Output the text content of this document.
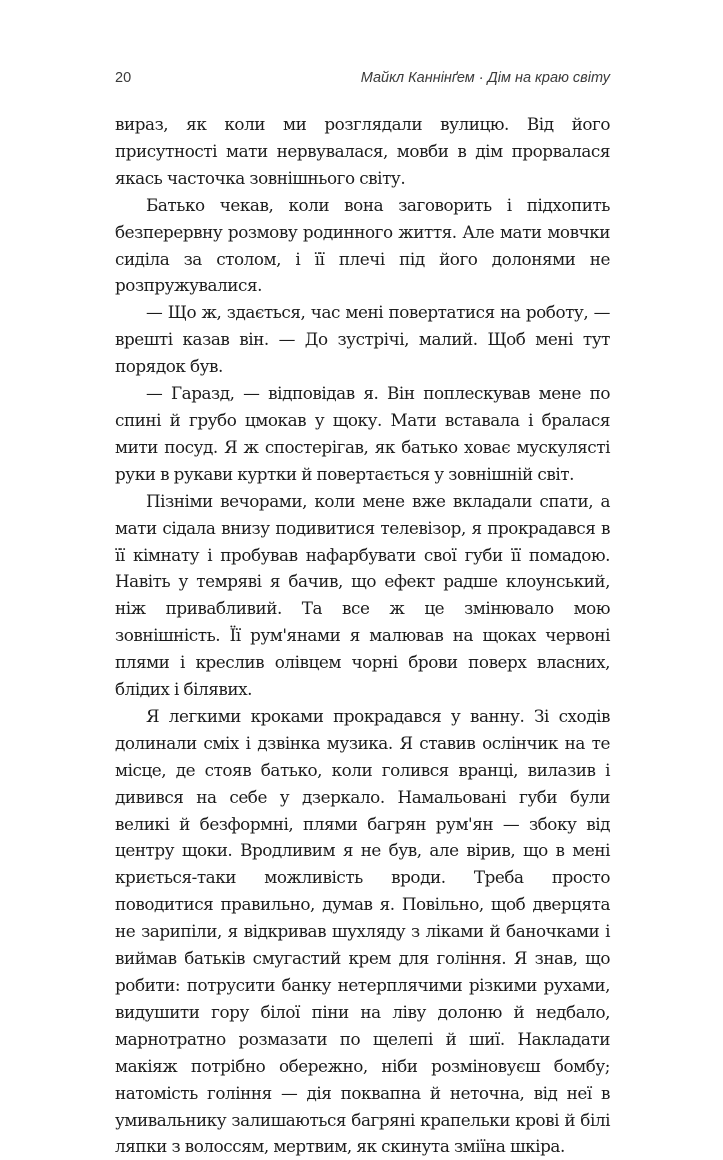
20	Майкл Каннінґем · Дім на краю світу

вираз, як коли ми розглядали вулицю. Від його присутності мати нервувалася, мовби в дім прорвалася якась часточка зовнішнього світу.

Батько чекав, коли вона заговорить і підхопить безперервну розмову родинного життя. Але мати мовчки сиділа за столом, і її плечі під його долонями не розпружувалися.

— Що ж, здається, час мені повертатися на роботу, — врешті казав він. — До зустрічі, малий. Щоб мені тут порядок був.

— Гаразд, — відповідав я. Він поплескував мене по спині й грубо цмокав у щоку. Мати вставала і бралася мити посуд. Я ж спостерігав, як батько ховає мускулясті руки в рукави куртки й повертається у зовнішній світ.

Пізніми вечорами, коли мене вже вкладали спати, а мати сідала внизу подивитися телевізор, я прокрадався в її кімнату і пробував нафарбувати свої губи її помадою. Навіть у темряві я бачив, що ефект радше клоунський, ніж привабливий. Та все ж це змінювало мою зовнішність. Її рум'янами я малював на щоках червоні плями і креслив олівцем чорні брови поверх власних, блідих і білявих.

Я легкими кроками прокрадався у ванну. Зі сходів долинали сміх і дзвінка музика. Я ставив ослінчик на те місце, де стояв батько, коли голився вранці, вилазив і дивився на себе у дзеркало. Намальовані губи були великі й безформні, плями багрян рум'ян — збоку від центру щоки. Вродливим я не був, але вірив, що в мені криється-таки можливість вроди. Треба просто поводитися правильно, думав я. Повільно, щоб дверцята не зарипіли, я відкривав шухляду з ліками й баночками і виймав батьків смугастий крем для гоління. Я знав, що робити: потрусити банку нетерплячими різкими рухами, видушити гору білої піни на ліву долоню й недбало, марнотратно розмазати по щелепі й шиї. Накладати макіяж потрібно обережно, ніби розміновуєш бомбу; натомість гоління — дія поквапна й неточна, від неї в умивальнику залишаються багряні крапельки крові й білі ляпки з волоссям, мертвим, як скинута зміїна шкіра.
